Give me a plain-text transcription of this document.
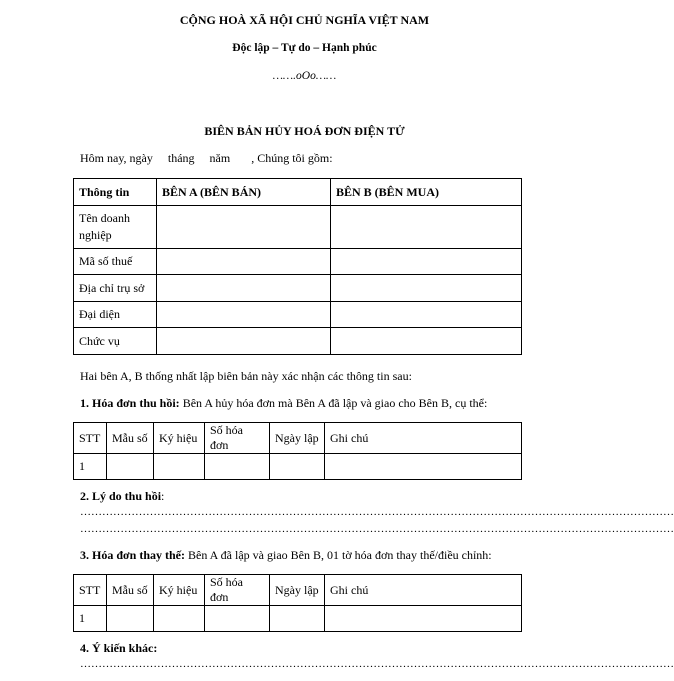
CỘNG HOÀ XÃ HỘI CHỦ NGHĨA VIỆT NAM
Độc lập – Tự do – Hạnh phúc
…….oOo……
BIÊN BẢN HỦY HOÁ ĐƠN ĐIỆN TỬ
Hôm nay, ngày     tháng     năm       , Chúng tôi gồm:
Thông tin	BÊN A (BÊN BÁN)	BÊN B (BÊN MUA)
Tên doanh nghiệp		
Mã số thuế		
Địa chỉ trụ sở		
Đại diện		
Chức vụ		
Hai bên A, B thống nhất lập biên bản này xác nhận các thông tin sau:
1. Hóa đơn thu hồi: Bên A hủy hóa đơn mà Bên A đã lập và giao cho Bên B, cụ thể:
STT	Mẫu số	Ký hiệu	Số hóa đơn	Ngày lập	Ghi chú
1					
2. Lý do thu hồi:
………………………………………………………………………………………………………………………………………………
………………………………………………………………………………………………………………………………………………
3. Hóa đơn thay thế: Bên A đã lập và giao Bên B, 01 tờ hóa đơn thay thế/điều chỉnh:
STT	Mẫu số	Ký hiệu	Số hóa đơn	Ngày lập	Ghi chú
1					
4. Ý kiến khác:
………………………………………………………………………………………………………………………………………………
